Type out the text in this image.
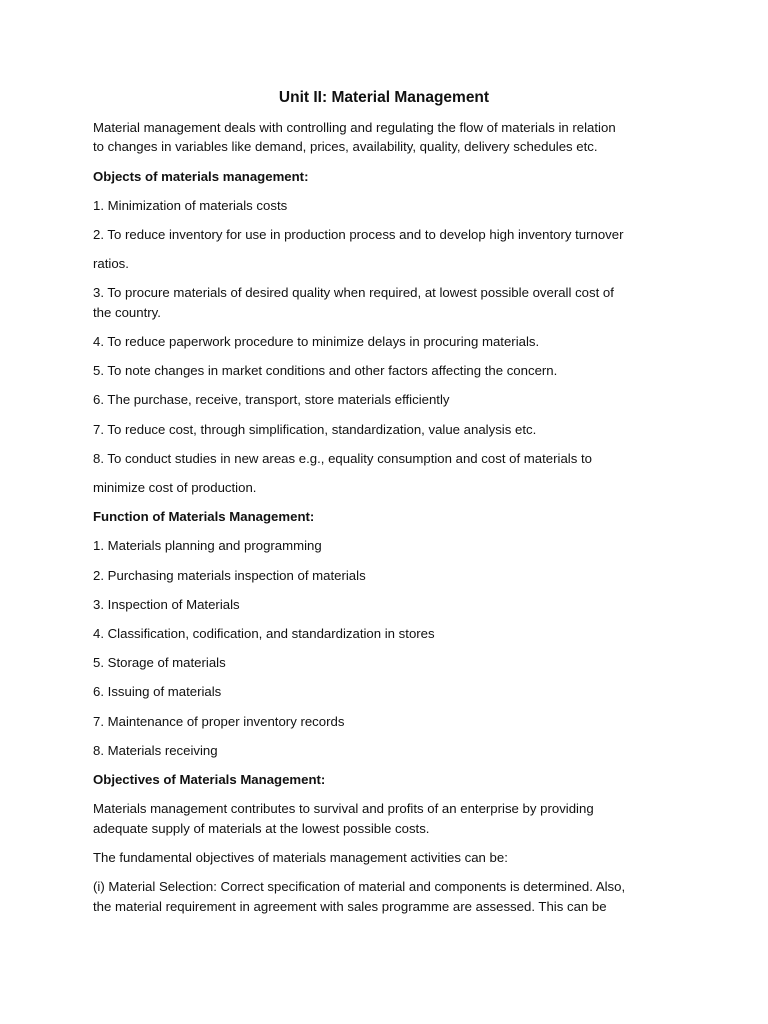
Unit II: Material Management
Material management deals with controlling and regulating the flow of materials in relation
to changes in variables like demand, prices, availability, quality, delivery schedules etc.
Objects of materials management:
1. Minimization of materials costs
2. To reduce inventory for use in production process and to develop high inventory turnover
ratios.
3. To procure materials of desired quality when required, at lowest possible overall cost of
the country.
4. To reduce paperwork procedure to minimize delays in procuring materials.
5. To note changes in market conditions and other factors affecting the concern.
6. The purchase, receive, transport, store materials efficiently
7. To reduce cost, through simplification, standardization, value analysis etc.
8. To conduct studies in new areas e.g., equality consumption and cost of materials to
minimize cost of production.
Function of Materials Management:
1. Materials planning and programming
2. Purchasing materials inspection of materials
3. Inspection of Materials
4. Classification, codification, and standardization in stores
5. Storage of materials
6. Issuing of materials
7. Maintenance of proper inventory records
8. Materials receiving
Objectives of Materials Management:
Materials management contributes to survival and profits of an enterprise by providing
adequate supply of materials at the lowest possible costs.
The fundamental objectives of materials management activities can be:
(i) Material Selection: Correct specification of material and components is determined. Also,
the material requirement in agreement with sales programme are assessed. This can be
